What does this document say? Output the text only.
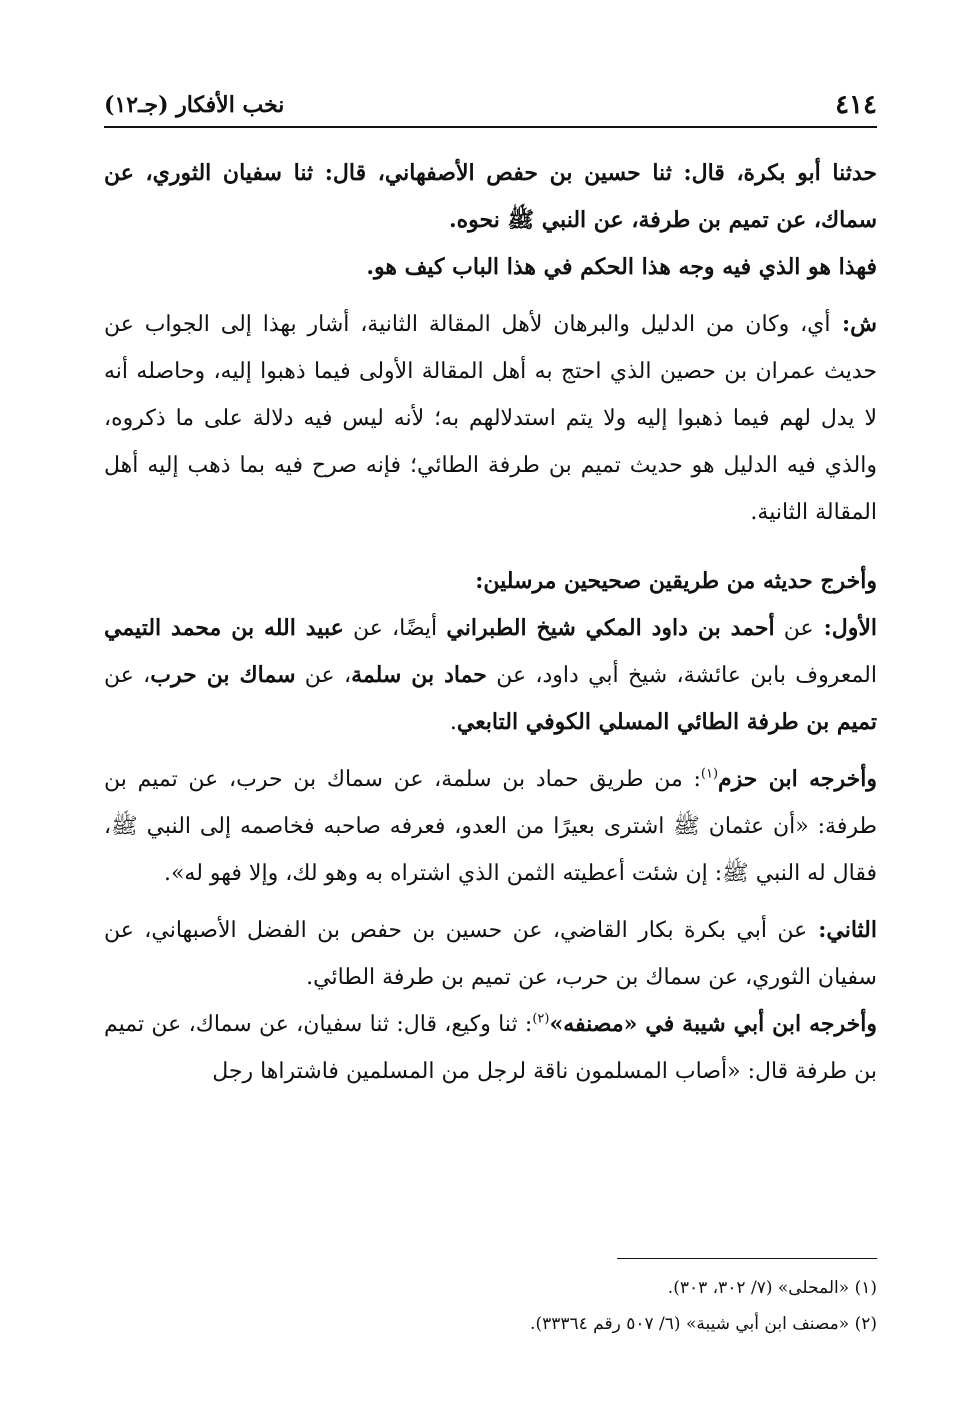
٤١٤
نخب الأفكار (جـ١٢)

حدثنا أبو بكرة، قال: ثنا حسين بن حفص الأصفهاني، قال: ثنا سفيان الثوري، عن سماك، عن تميم بن طرفة، عن النبي ﷺ نحوه.

فهذا هو الذي فيه وجه هذا الحكم في هذا الباب كيف هو.

ش: أي، وكان من الدليل والبرهان لأهل المقالة الثانية، أشار بهذا إلى الجواب عن حديث عمران بن حصين الذي احتج به أهل المقالة الأولى فيما ذهبوا إليه، وحاصله أنه لا يدل لهم فيما ذهبوا إليه ولا يتم استدلالهم به؛ لأنه ليس فيه دلالة على ما ذكروه، والذي فيه الدليل هو حديث تميم بن طرفة الطائي؛ فإنه صرح فيه بما ذهب إليه أهل المقالة الثانية.

وأخرج حديثه من طريقين صحيحين مرسلين:

الأول: عن أحمد بن داود المكي شيخ الطبراني أيضًا، عن عبيد الله بن محمد التيمي المعروف بابن عائشة، شيخ أبي داود، عن حماد بن سلمة، عن سماك بن حرب، عن تميم بن طرفة الطائي المسلي الكوفي التابعي.

وأخرجه ابن حزم$^{(١)}$: من طريق حماد بن سلمة، عن سماك بن حرب، عن تميم بن طرفة: «أن عثمان ﷺ اشترى بعيرًا من العدو، فعرفه صاحبه فخاصمه إلى النبي ﷺ، فقال له النبي ﷺ: إن شئت أعطيته الثمن الذي اشتراه به وهو لك، وإلا فهو له».

الثاني: عن أبي بكرة بكار القاضي، عن حسين بن حفص بن الفضل الأصبهاني، عن سفيان الثوري، عن سماك بن حرب، عن تميم بن طرفة الطائي.

وأخرجه ابن أبي شيبة في «مصنفه»$^{(٢)}$: ثنا وكيع، قال: ثنا سفيان، عن سماك، عن تميم بن طرفة قال: «أصاب المسلمون ناقة لرجل من المسلمين فاشتراها رجل

(١) «المحلى» (٧/ ٣٠٢، ٣٠٣).

(٢) «مصنف ابن أبي شيبة» (٦/ ٥٠٧ رقم ٣٣٣٦٤).
